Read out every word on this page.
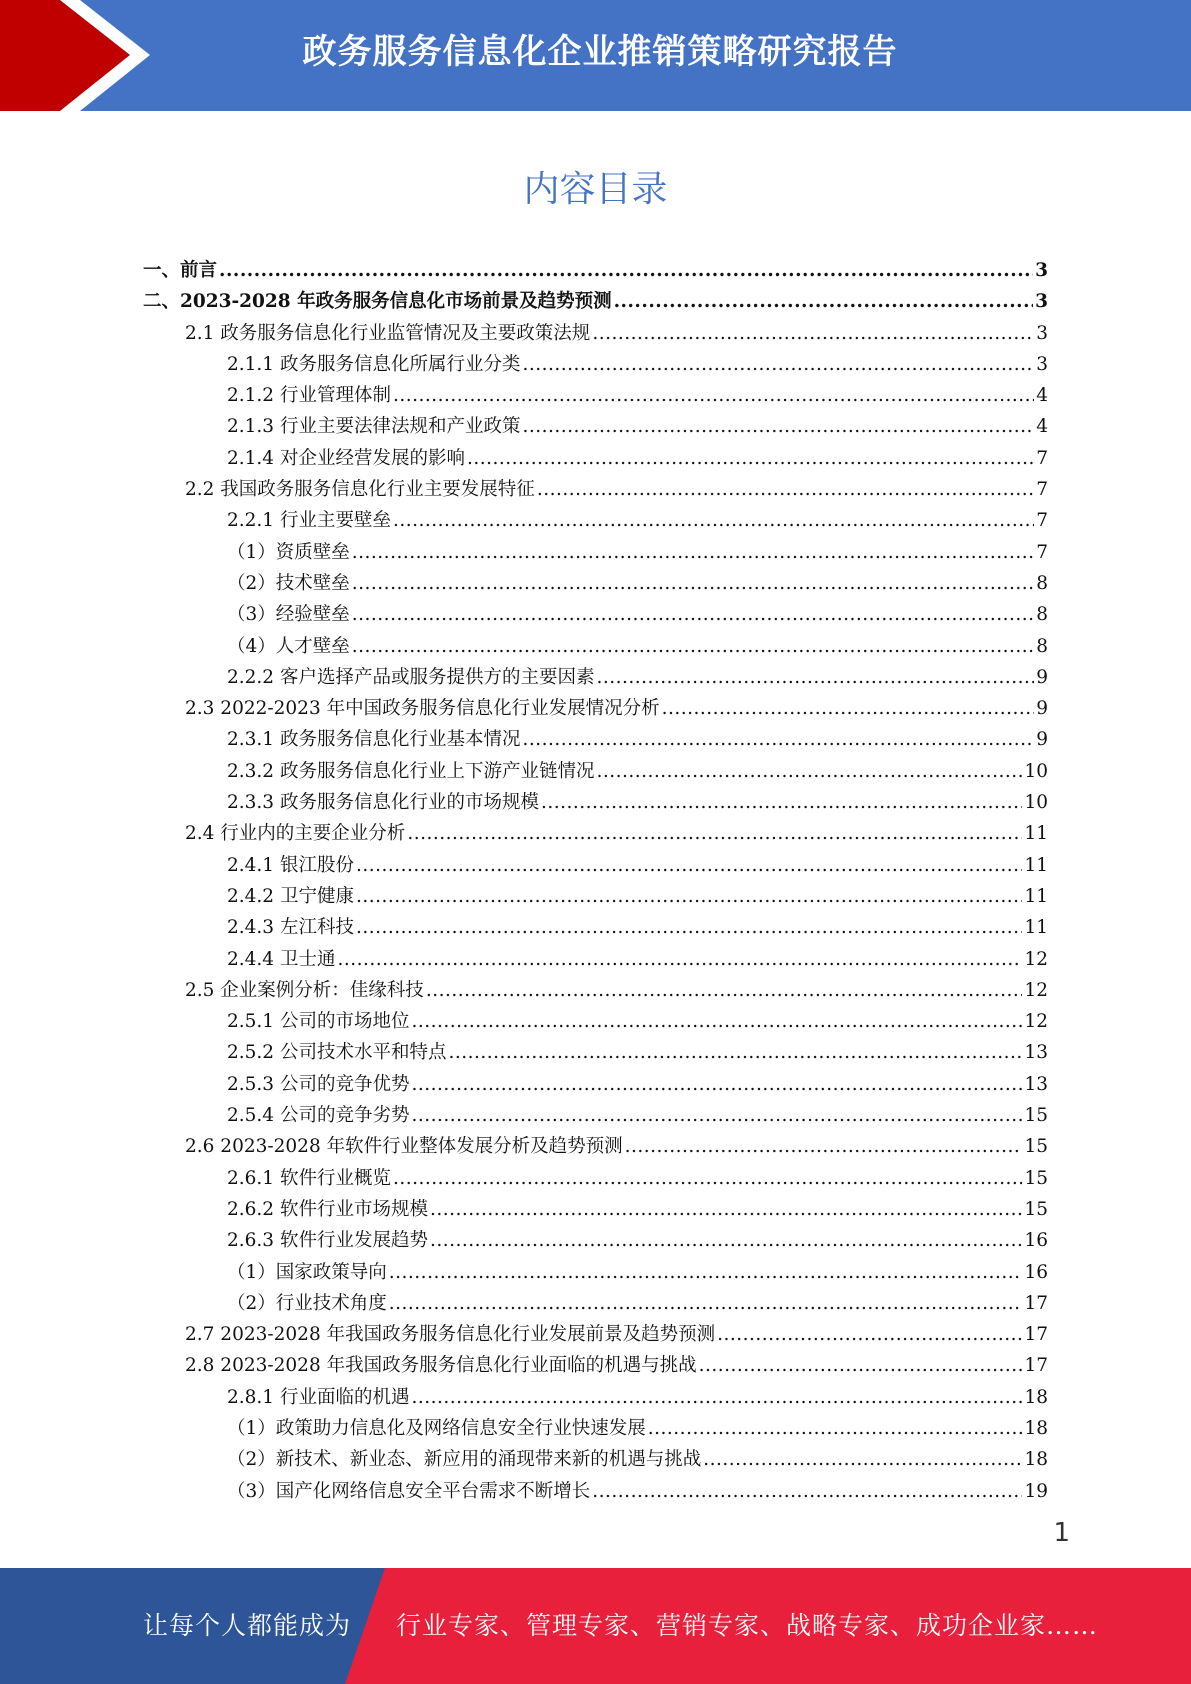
政务服务信息化企业推销策略研究报告
内容目录
一、前言 .....	3
二、2023-2028 年政务服务信息化市场前景及趋势预测 .....	3
2.1 政务服务信息化行业监管情况及主要政策法规 .....	3
2.1.1 政务服务信息化所属行业分类 .....	3
2.1.2 行业管理体制 .....	4
2.1.3 行业主要法律法规和产业政策 .....	4
2.1.4 对企业经营发展的影响 .....	7
2.2 我国政务服务信息化行业主要发展特征 .....	7
2.2.1 行业主要壁垒 .....	7
（1）资质壁垒 .....	7
（2）技术壁垒 .....	8
（3）经验壁垒 .....	8
（4）人才壁垒 .....	8
2.2.2 客户选择产品或服务提供方的主要因素 .....	9
2.3 2022-2023 年中国政务服务信息化行业发展情况分析 .....	9
2.3.1 政务服务信息化行业基本情况 .....	9
2.3.2 政务服务信息化行业上下游产业链情况 .....	10
2.3.3 政务服务信息化行业的市场规模 .....	10
2.4 行业内的主要企业分析 .....	11
2.4.1 银江股份 .....	11
2.4.2 卫宁健康 .....	11
2.4.3 左江科技 .....	11
2.4.4 卫士通 .....	12
2.5 企业案例分析：佳缘科技 .....	12
2.5.1 公司的市场地位 .....	12
2.5.2 公司技术水平和特点 .....	13
2.5.3 公司的竞争优势 .....	13
2.5.4 公司的竞争劣势 .....	15
2.6 2023-2028 年软件行业整体发展分析及趋势预测 .....	15
2.6.1 软件行业概览 .....	15
2.6.2 软件行业市场规模 .....	15
2.6.3 软件行业发展趋势 .....	16
（1）国家政策导向 .....	16
（2）行业技术角度 .....	17
2.7 2023-2028 年我国政务服务信息化行业发展前景及趋势预测 .....	17
2.8 2023-2028 年我国政务服务信息化行业面临的机遇与挑战 .....	17
2.8.1 行业面临的机遇 .....	18
（1）政策助力信息化及网络信息安全行业快速发展 .....	18
（2）新技术、新业态、新应用的涌现带来新的机遇与挑战 .....	18
（3）国产化网络信息安全平台需求不断增长 .....	19
1
让每个人都能成为 行业专家、管理专家、营销专家、战略专家、成功企业家……
